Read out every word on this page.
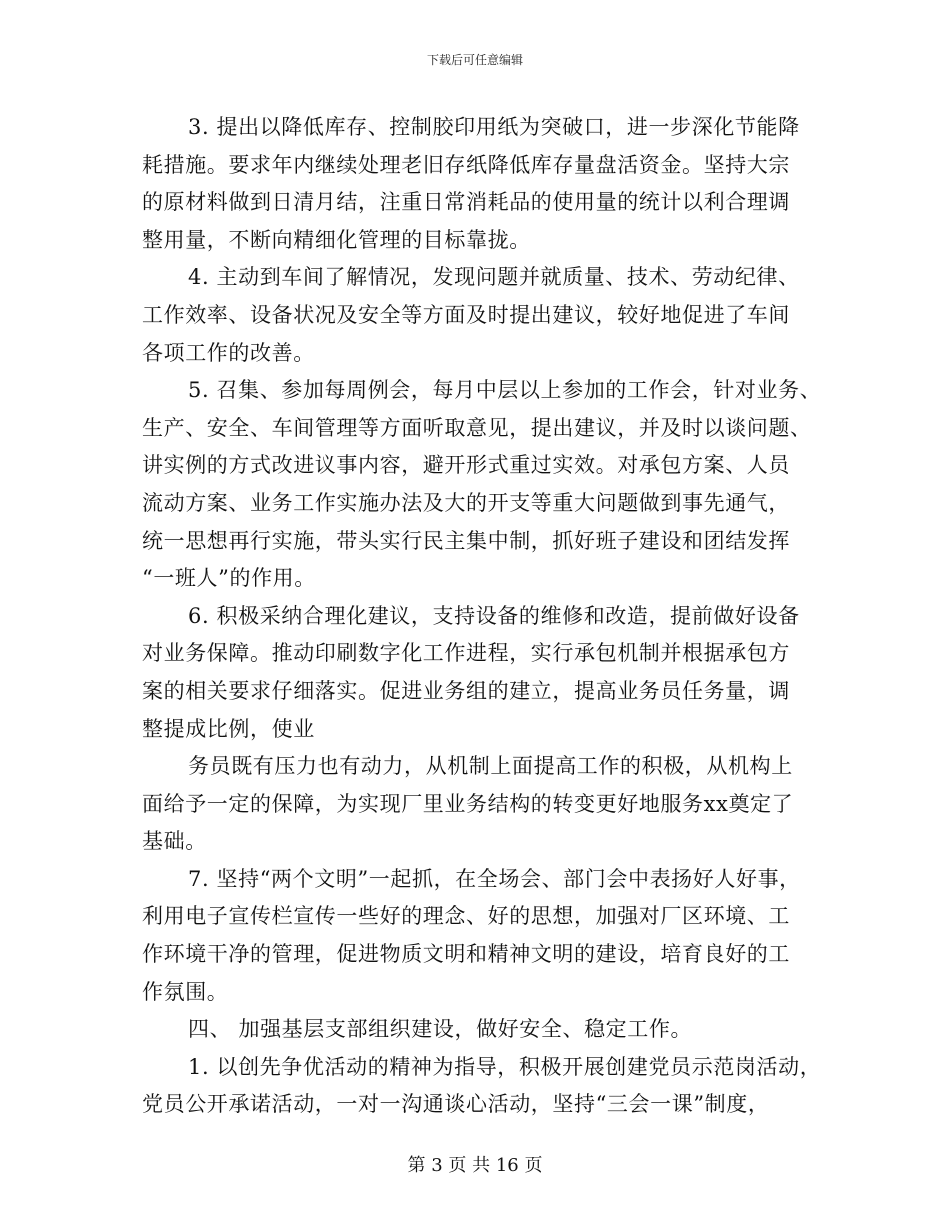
下载后可任意编辑
3. 提出以降低库存、控制胶印用纸为突破口，进一步深化节能降
耗措施。要求年内继续处理老旧存纸降低库存量盘活资金。坚持大宗
的原材料做到日清月结，注重日常消耗品的使用量的统计以利合理调
整用量，不断向精细化管理的目标靠拢。
4. 主动到车间了解情况，发现问题并就质量、技术、劳动纪律、
工作效率、设备状况及安全等方面及时提出建议，较好地促进了车间
各项工作的改善。
5. 召集、参加每周例会，每月中层以上参加的工作会，针对业务、
生产、安全、车间管理等方面听取意见，提出建议，并及时以谈问题、
讲实例的方式改进议事内容，避开形式重过实效。对承包方案、人员
流动方案、业务工作实施办法及大的开支等重大问题做到事先通气，
统一思想再行实施，带头实行民主集中制，抓好班子建设和团结发挥
“一班人”的作用。
6. 积极采纳合理化建议，支持设备的维修和改造，提前做好设备
对业务保障。推动印刷数字化工作进程，实行承包机制并根据承包方
案的相关要求仔细落实。促进业务组的建立，提高业务员任务量，调
整提成比例，使业
务员既有压力也有动力，从机制上面提高工作的积极，从机构上
面给予一定的保障，为实现厂里业务结构的转变更好地服务xx奠定了
基础。
7. 坚持“两个文明”一起抓，在全场会、部门会中表扬好人好事，
利用电子宣传栏宣传一些好的理念、好的思想，加强对厂区环境、工
作环境干净的管理，促进物质文明和精神文明的建设，培育良好的工
作氛围。
四、 加强基层支部组织建设，做好安全、稳定工作。
1. 以创先争优活动的精神为指导，积极开展创建党员示范岗活动，
党员公开承诺活动，一对一沟通谈心活动，坚持“三会一课”制度，
第 3 页 共 16 页
